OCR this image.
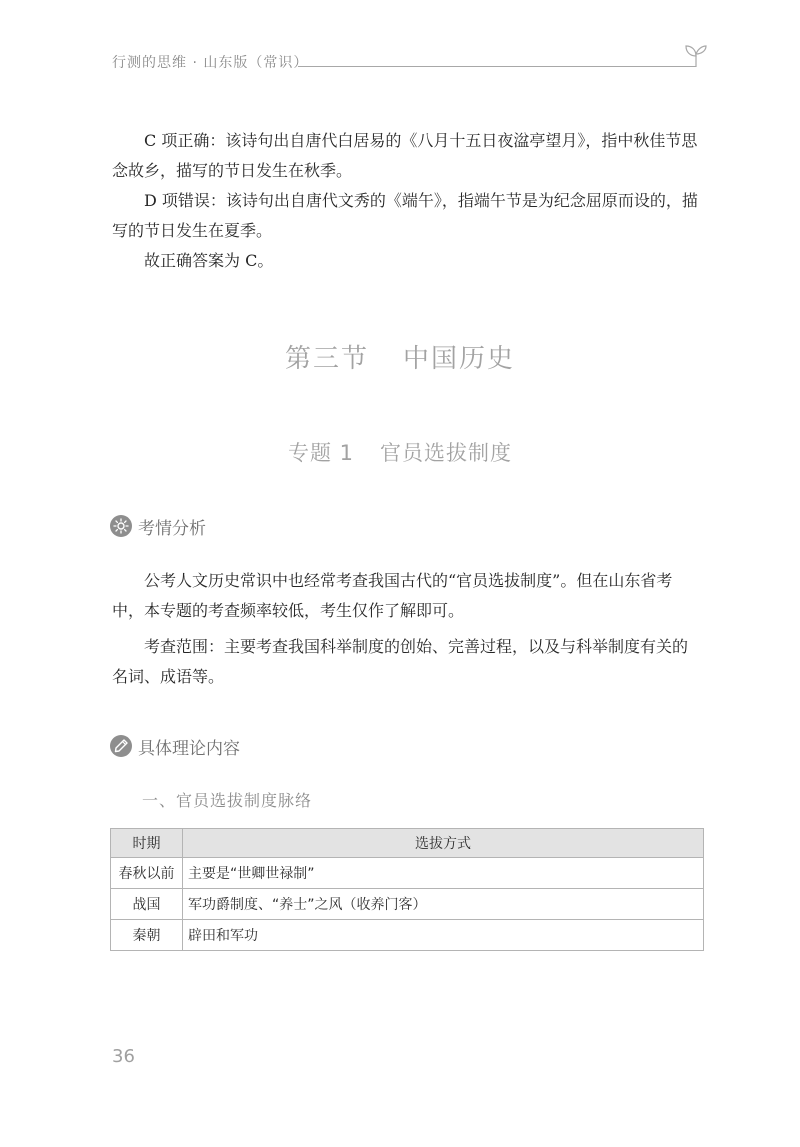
行测的思维 · 山东版（常识）

C 项正确：该诗句出自唐代白居易的《八月十五日夜湓亭望月》，指中秋佳节思念故乡，描写的节日发生在秋季。

D 项错误：该诗句出自唐代文秀的《端午》，指端午节是为纪念屈原而设的，描写的节日发生在夏季。

故正确答案为 C。

第三节 中国历史
专题 1 官员选拔制度
考情分析

公考人文历史常识中也经常考查我国古代的“官员选拔制度”。但在山东省考中，本专题的考查频率较低，考生仅作了解即可。

考查范围：主要考查我国科举制度的创始、完善过程，以及与科举制度有关的名词、成语等。

具体理论内容
一、官员选拔制度脉络
时期	选拔方式
春秋以前	主要是“世卿世禄制”
战国	军功爵制度、“养士”之风（收养门客）
秦朝	辟田和军功
36
